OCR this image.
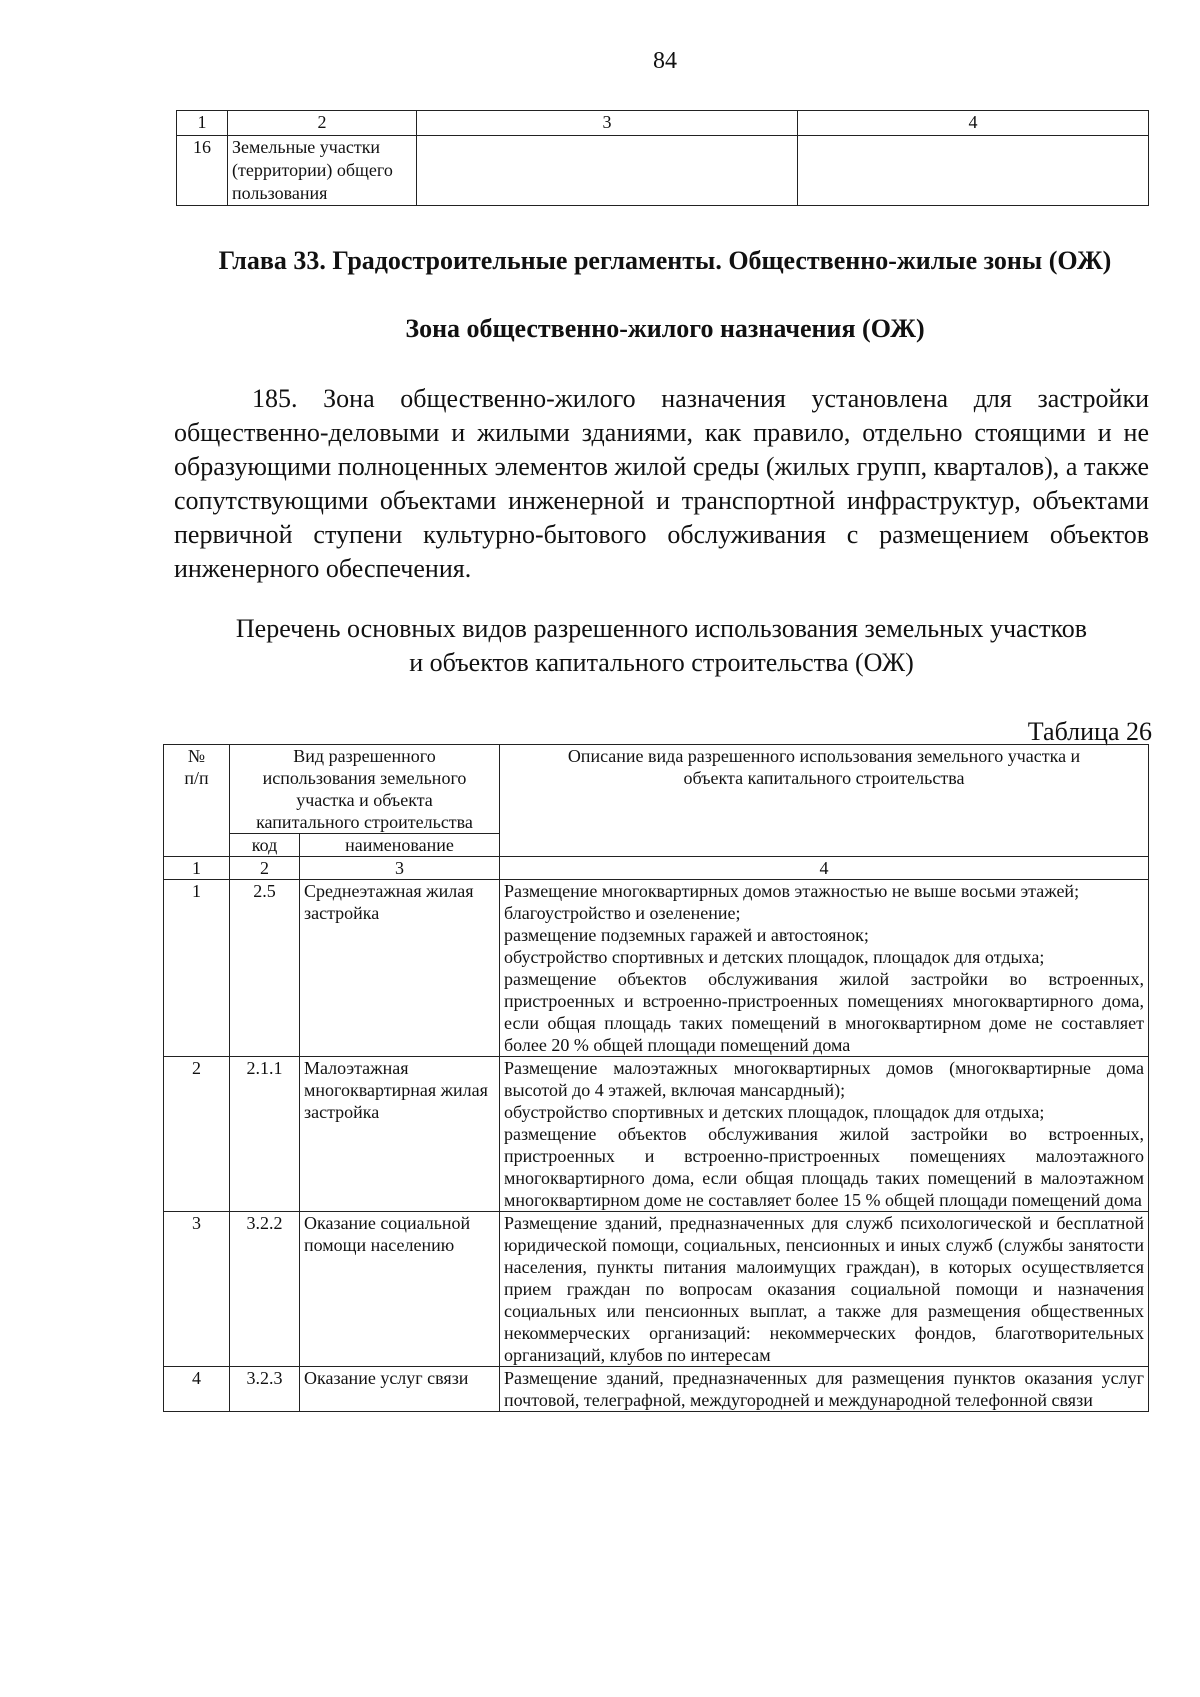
84
1	2	3	4
16	Земельные участки (территории) общего пользования		
Глава 33. Градостроительные регламенты. Общественно-жилые зоны (ОЖ)
Зона общественно-жилого назначения (ОЖ)

185. Зона общественно-жилого назначения установлена для застройки общественно-деловыми и жилыми зданиями, как правило, отдельно стоящими и не образующими полноценных элементов жилой среды (жилых групп, кварталов), а также сопутствующими объектами инженерной и транспортной инфраструктур, объектами первичной ступени культурно-бытового обслуживания с размещением объектов инженерного обеспечения.

Перечень основных видов разрешенного использования земельных участков
и объектов капитального строительства (ОЖ)
Таблица 26
№ п/п	Вид разрешенного использования земельного участка и объекта капитального строительства		Описание вида разрешенного использования земельного участка и объекта капитального строительства
	код	наименование	
1	2	3	4
1	2.5	Среднеэтажная жилая застройка	Размещение многоквартирных домов этажностью не выше восьми этажей;
благоустройство и озеленение;
размещение подземных гаражей и автостоянок;
обустройство спортивных и детских площадок, площадок для отдыха;
размещение объектов обслуживания жилой застройки во встроенных, пристроенных и встроенно-пристроенных помещениях многоквартирного дома, если общая площадь таких помещений в многоквартирном доме не составляет более 20 % общей площади помещений дома

2	2.1.1	Малоэтажная многоквартирная жилая застройка	Размещение малоэтажных многоквартирных домов (многоквартирные дома высотой до 4 этажей, включая мансардный);
обустройство спортивных и детских площадок, площадок для отдыха;
размещение объектов обслуживания жилой застройки во встроенных, пристроенных и встроенно-пристроенных помещениях малоэтажного многоквартирного дома, если общая площадь таких помещений в малоэтажном многоквартирном доме не составляет более 15 % общей площади помещений дома

3	3.2.2	Оказание социальной помощи населению	Размещение зданий, предназначенных для служб психологической и бесплатной юридической помощи, социальных, пенсионных и иных служб (службы занятости населения, пункты питания малоимущих граждан), в которых осуществляется прием граждан по вопросам оказания социальной помощи и назначения социальных или пенсионных выплат, а также для размещения общественных некоммерческих организаций: некоммерческих фондов, благотворительных организаций, клубов по интересам

4	3.2.3	Оказание услуг связи	Размещение зданий, предназначенных для размещения пунктов оказания услуг почтовой, телеграфной, междугородней и международной телефонной связи
